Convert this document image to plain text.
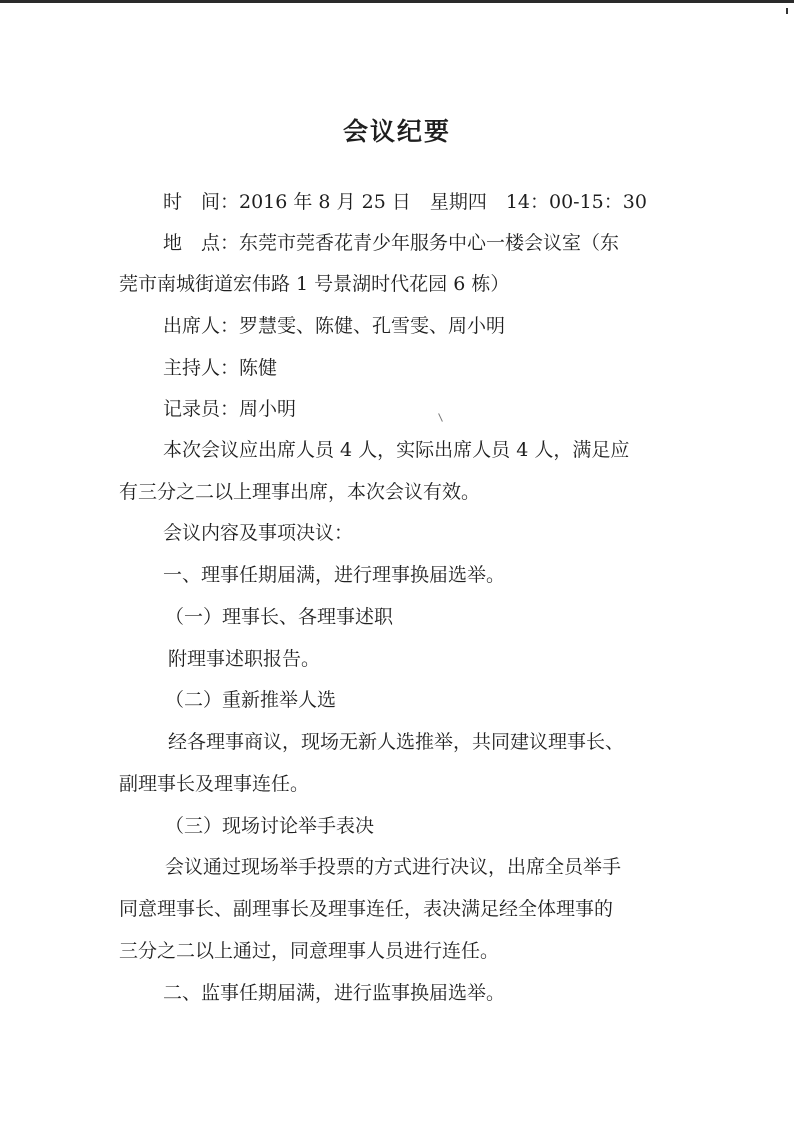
会议纪要
时　间：2016 年 8 月 25 日　星期四　14：00-15：30
地　点：东莞市莞香花青少年服务中心一楼会议室（东
莞市南城街道宏伟路 1 号景湖时代花园 6 栋）
出席人：罗慧雯、陈健、孔雪雯、周小明
主持人：陈健
记录员：周小明
本次会议应出席人员 4 人，实际出席人员 4 人，满足应
有三分之二以上理事出席，本次会议有效。
会议内容及事项决议：
一、理事任期届满，进行理事换届选举。
（一）理事长、各理事述职
附理事述职报告。
（二）重新推举人选
经各理事商议，现场无新人选推举，共同建议理事长、
副理事长及理事连任。
（三）现场讨论举手表决
会议通过现场举手投票的方式进行决议，出席全员举手
同意理事长、副理事长及理事连任，表决满足经全体理事的
三分之二以上通过，同意理事人员进行连任。
二、监事任期届满，进行监事换届选举。
